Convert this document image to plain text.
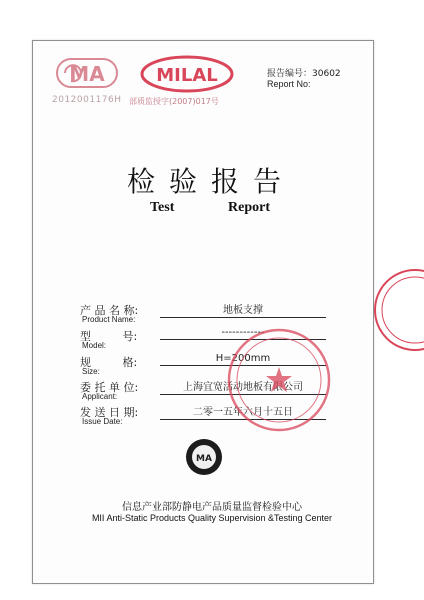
MA
2012001176H
MILAL
部质监授字(2007)017号
报告编号：30602
Report No:
检验报告
Test	Report
产 品 名 称:
Product Name:
地板支撑
型         号:
Model:
------------
规         格:
Size:
H=200mm
委 托 单 位:
Applicant:
上海宜宽活动地板有限公司
发 送 日 期:
Issue Date:
二零一五年六月十五日
MA
信息产业部防静电产品质量监督检验中心
MII Anti-Static Products Quality Supervision &Testing Center
